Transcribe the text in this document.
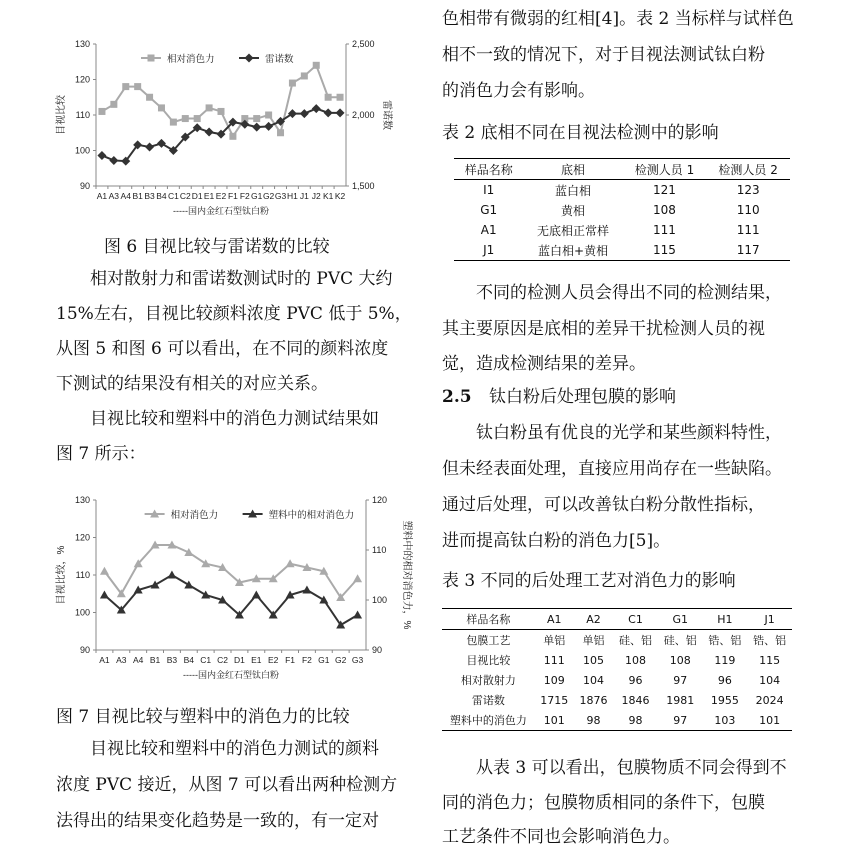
90
100
110
120
130
1,500
2,000
2,500
A1 A3 A4 B1 B3 B4 C1 C2 D1 E1 E2 F1 F2 G1 G2 G3 H1 J1 J2 K1 K2
-----国内金红石型钛白粉
目视比较	雷诺数
相对消色力	雷诺数
图 6 目视比较与雷诺数的比较
相对散射力和雷诺数测试时的 PVC 大约
15%左右，目视比较颜料浓度 PVC 低于 5%，
从图 5 和图 6 可以看出，在不同的颜料浓度
下测试的结果没有相关的对应关系。
目视比较和塑料中的消色力测试结果如
图 7 所示：
90
100
110
120
130
90
100
110
120
A1 A3 A4 B1 B3 B4 C1 C2 D1 E1 E2 F1 F2 G1 G2 G3
-----国内金红石型钛白粉
目视比较，%	塑料中的相对消色力，%
相对消色力	塑料中的相对消色力
图 7 目视比较与塑料中的消色力的比较
目视比较和塑料中的消色力测试的颜料
浓度 PVC 接近，从图 7 可以看出两种检测方
法得出的结果变化趋势是一致的，有一定对
色相带有微弱的红相[4]。表 2 当标样与试样色
相不一致的情况下，对于目视法测试钛白粉
的消色力会有影响。
表 2 底相不同在目视法检测中的影响
样品名称	底相	检测人员 1	检测人员 2
I1	蓝白相	121	123
G1	黄相	108	110
A1	无底相正常样	111	111
J1	蓝白相+黄相	115	117
不同的检测人员会得出不同的检测结果，
其主要原因是底相的差异干扰检测人员的视
觉，造成检测结果的差异。
2.5 钛白粉后处理包膜的影响
钛白粉虽有优良的光学和某些颜料特性，
但未经表面处理，直接应用尚存在一些缺陷。
通过后处理，可以改善钛白粉分散性指标，
进而提高钛白粉的消色力[5]。
表 3 不同的后处理工艺对消色力的影响
样品名称	A1	A2	C1	G1	H1	J1
包膜工艺	单铝	单铝	硅、铝	硅、铝	锆、铝	锆、铝
目视比较	111	105	108	108	119	115
相对散射力	109	104	96	97	96	104
雷诺数	1715	1876	1846	1981	1955	2024
塑料中的消色力	101	98	98	97	103	101
从表 3 可以看出，包膜物质不同会得到不
同的消色力；包膜物质相同的条件下，包膜
工艺条件不同也会影响消色力。
